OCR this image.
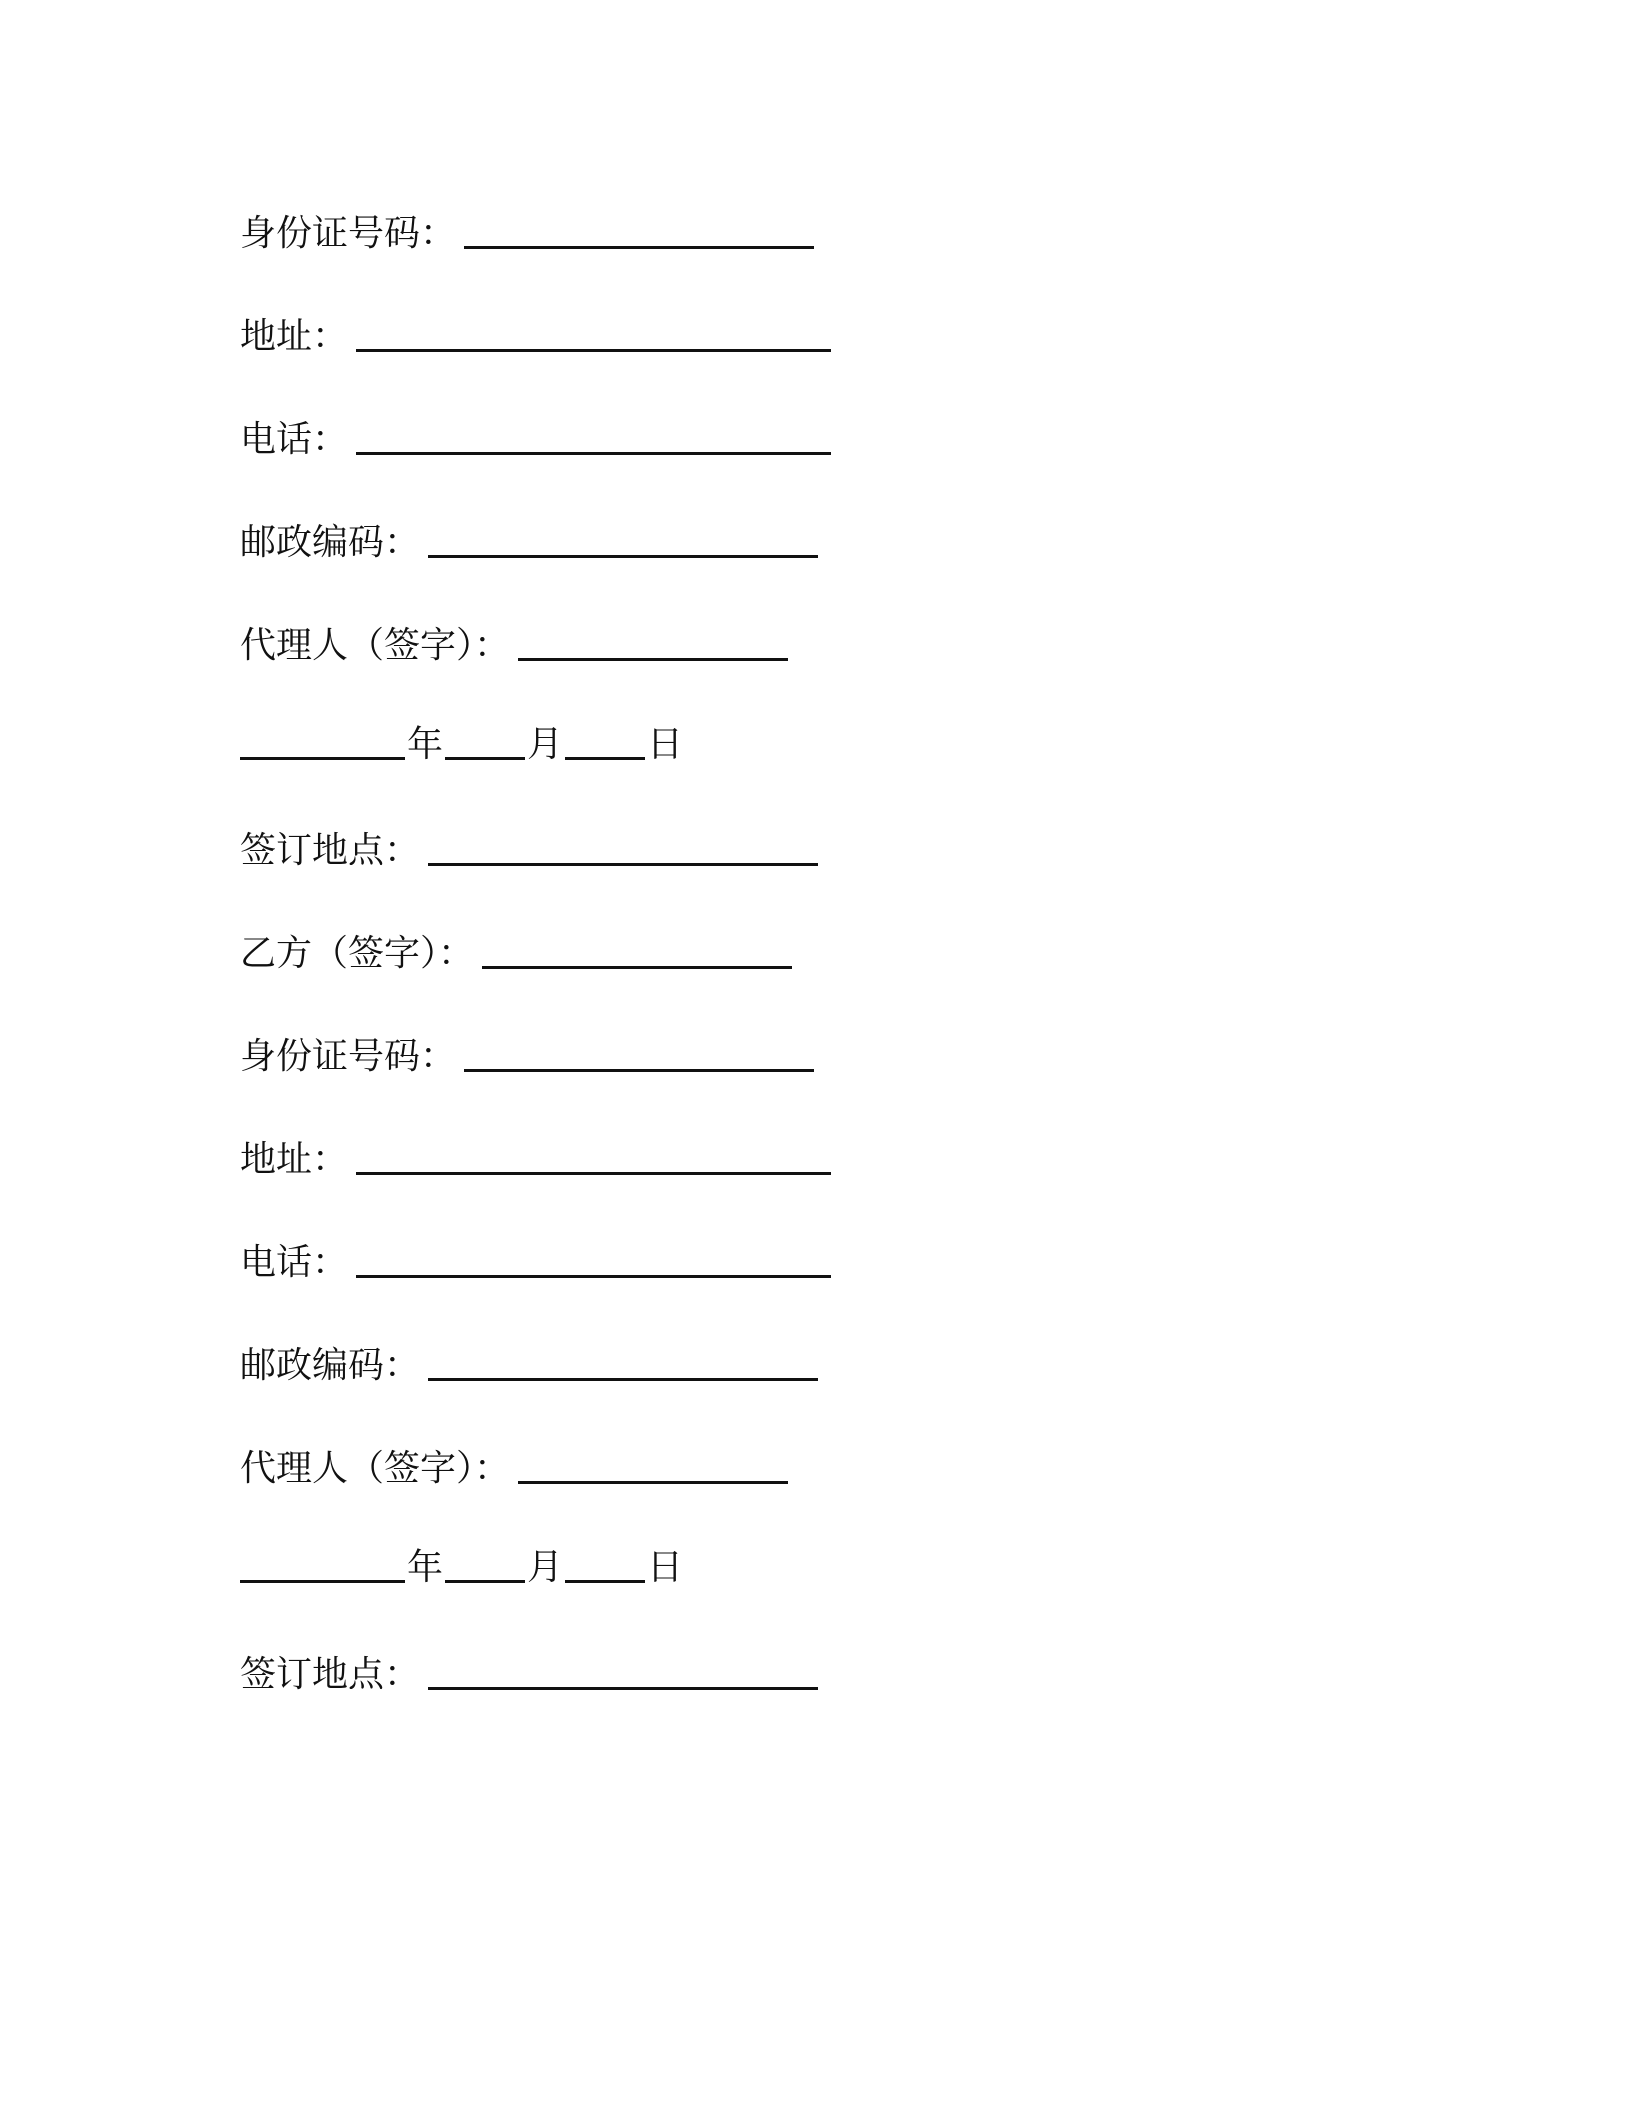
身份证号码：
地址：
电话：
邮政编码：
代理人（签字）：
年 月 日
签订地点：
乙方（签字）：
身份证号码：
地址：
电话：
邮政编码：
代理人（签字）：
年 月 日
签订地点：
